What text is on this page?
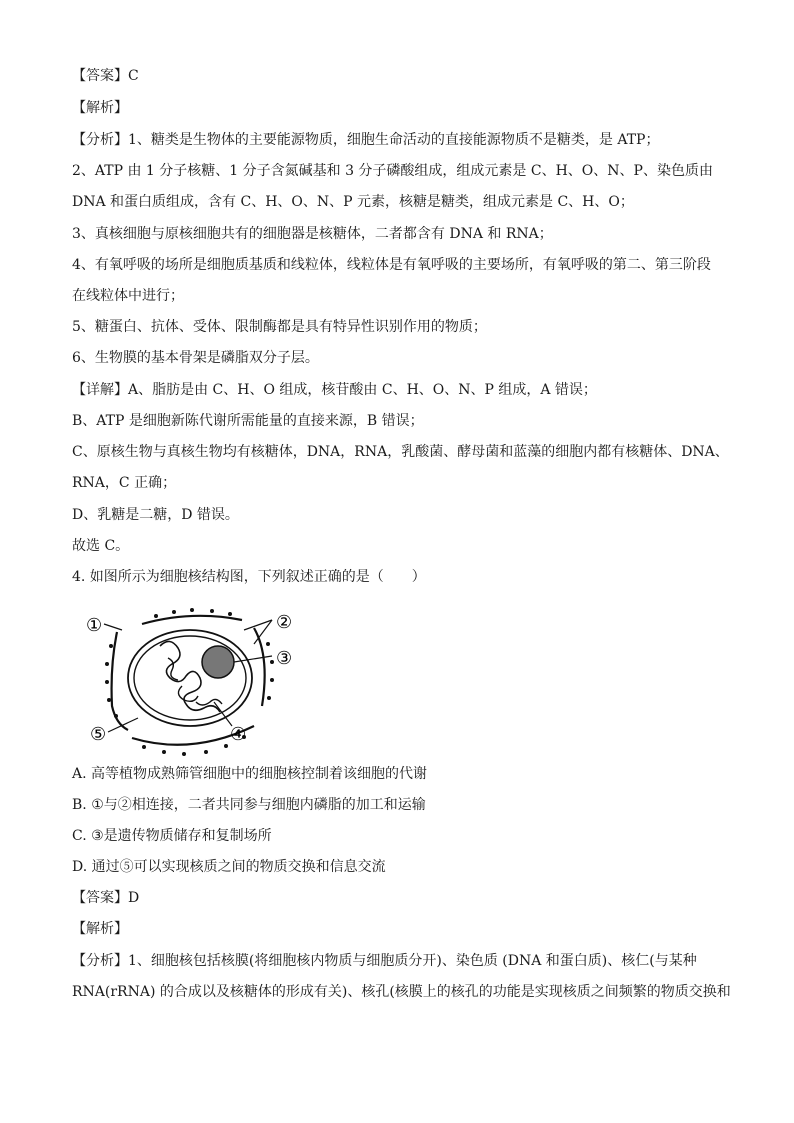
【答案】C
【解析】
【分析】1、糖类是生物体的主要能源物质，细胞生命活动的直接能源物质不是糖类，是 ATP；
2、ATP 由 1 分子核糖、1 分子含氮碱基和 3 分子磷酸组成，组成元素是 C、H、O、N、P、染色质由
DNA 和蛋白质组成，含有 C、H、O、N、P 元素，核糖是糖类，组成元素是 C、H、O；
3、真核细胞与原核细胞共有的细胞器是核糖体，二者都含有 DNA 和 RNA；
4、有氧呼吸的场所是细胞质基质和线粒体，线粒体是有氧呼吸的主要场所，有氧呼吸的第二、第三阶段
在线粒体中进行；
5、糖蛋白、抗体、受体、限制酶都是具有特异性识别作用的物质；
6、生物膜的基本骨架是磷脂双分子层。
【详解】A、脂肪是由 C、H、O 组成，核苷酸由 C、H、O、N、P 组成，A 错误；
B、ATP 是细胞新陈代谢所需能量的直接来源，B 错误；
C、原核生物与真核生物均有核糖体，DNA，RNA，乳酸菌、酵母菌和蓝藻的细胞内都有核糖体、DNA、
RNA，C 正确；
D、乳糖是二糖，D 错误。
故选 C。
4. 如图所示为细胞核结构图，下列叙述正确的是（　　）
①	②
③
④
⑤
A. 高等植物成熟筛管细胞中的细胞核控制着该细胞的代谢
B. ①与②相连接，二者共同参与细胞内磷脂的加工和运输
C. ③是遗传物质储存和复制场所
D. 通过⑤可以实现核质之间的物质交换和信息交流
【答案】D
【解析】
【分析】1、细胞核包括核膜(将细胞核内物质与细胞质分开)、染色质 (DNA 和蛋白质)、核仁(与某种
RNA(rRNA) 的合成以及核糖体的形成有关)、核孔(核膜上的核孔的功能是实现核质之间频繁的物质交换和
